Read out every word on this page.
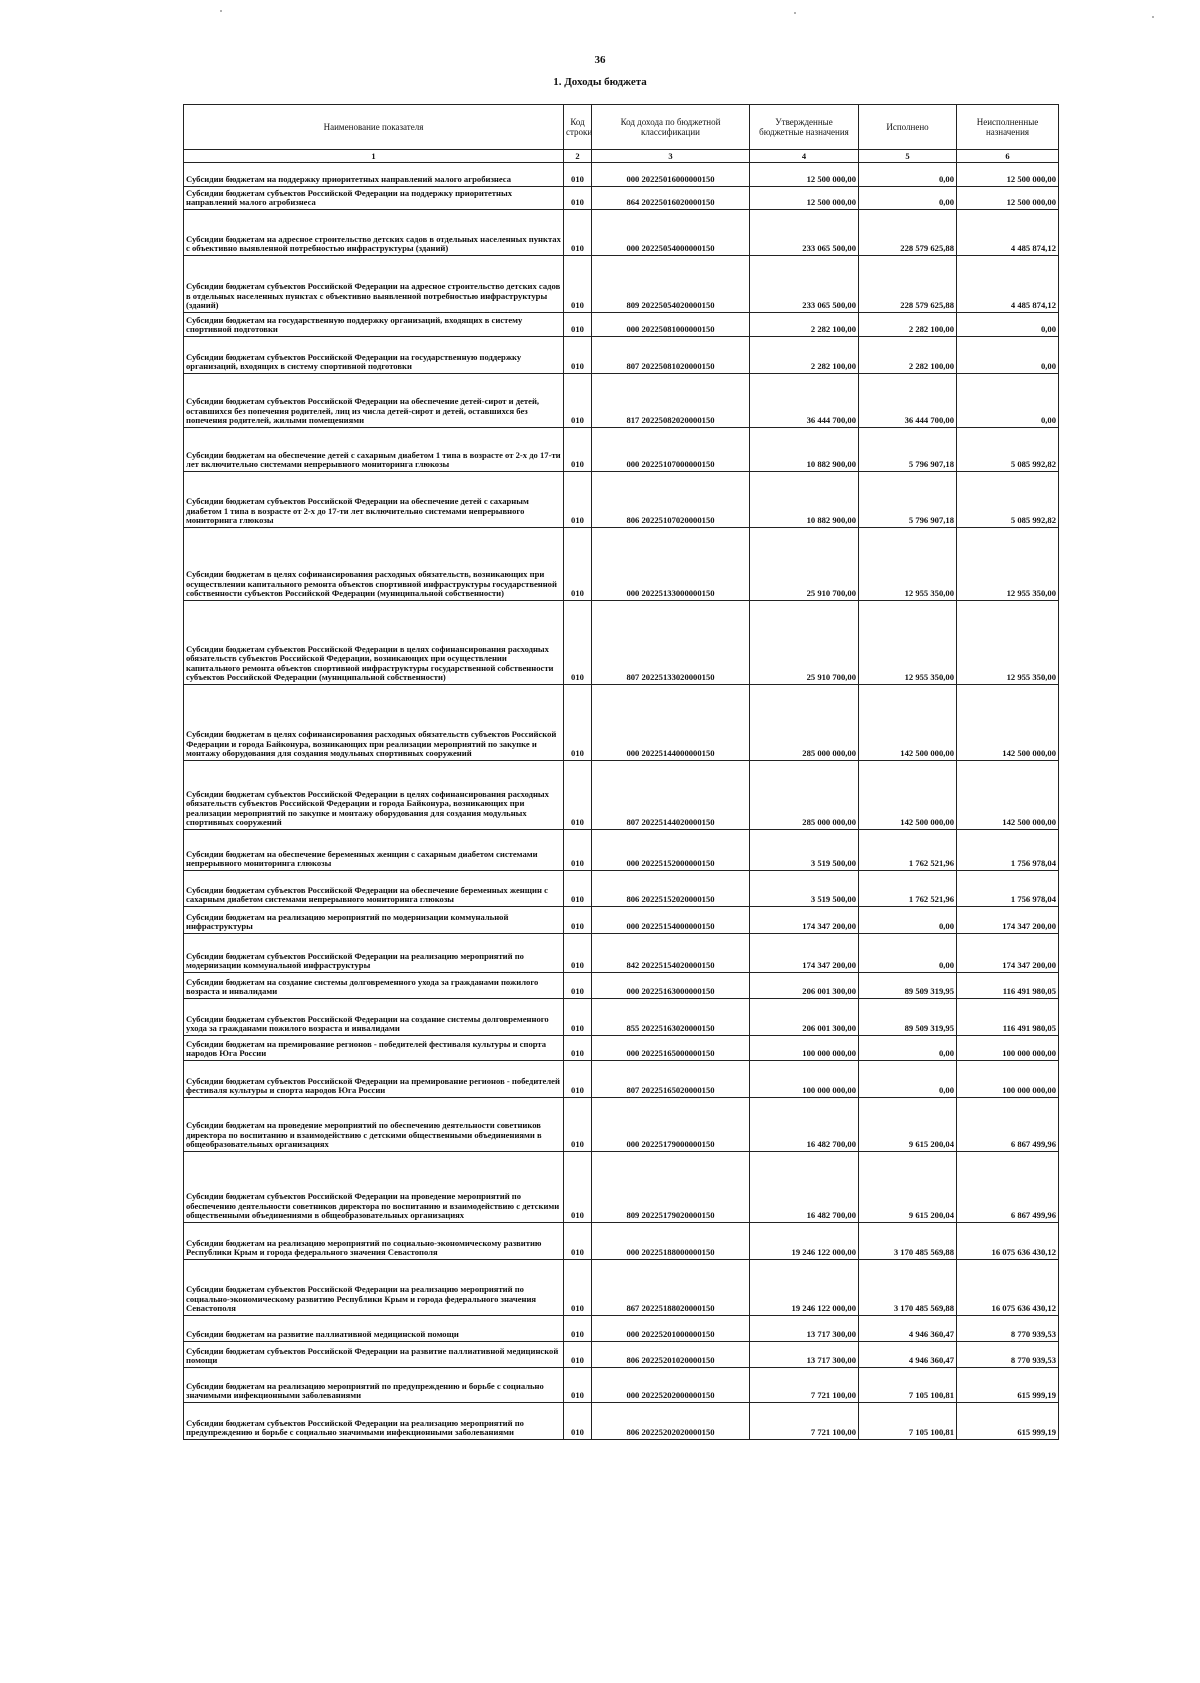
36
1. Доходы бюджета
Наименование показателя	Код строки	Код дохода по бюджетной классификации	Утвержденные бюджетные назначения	Исполнено	Неисполненные назначения
1	2	3	4	5	6
Субсидии бюджетам на поддержку приоритетных направлений малого агробизнеса	010	000 20225016000000150	12 500 000,00	0,00	12 500 000,00
Субсидии бюджетам субъектов Российской Федерации на поддержку приоритетных направлений малого агробизнеса	010	864 20225016020000150	12 500 000,00	0,00	12 500 000,00
Субсидии бюджетам на адресное строительство детских садов в отдельных населенных пунктах с объективно выявленной потребностью инфраструктуры (зданий)	010	000 20225054000000150	233 065 500,00	228 579 625,88	4 485 874,12
Субсидии бюджетам субъектов Российской Федерации на адресное строительство детских садов в отдельных населенных пунктах с объективно выявленной потребностью инфраструктуры (зданий)	010	809 20225054020000150	233 065 500,00	228 579 625,88	4 485 874,12
Субсидии бюджетам на государственную поддержку организаций, входящих в систему спортивной подготовки	010	000 20225081000000150	2 282 100,00	2 282 100,00	0,00
Субсидии бюджетам субъектов Российской Федерации на государственную поддержку организаций, входящих в систему спортивной подготовки	010	807 20225081020000150	2 282 100,00	2 282 100,00	0,00
Субсидии бюджетам субъектов Российской Федерации на обеспечение детей-сирот и детей, оставшихся без попечения родителей, лиц из числа детей-сирот и детей, оставшихся без попечения родителей, жилыми помещениями	010	817 20225082020000150	36 444 700,00	36 444 700,00	0,00
Субсидии бюджетам на обеспечение детей с сахарным диабетом 1 типа в возрасте от 2-х до 17-ти лет включительно системами непрерывного мониторинга глюкозы	010	000 20225107000000150	10 882 900,00	5 796 907,18	5 085 992,82
Субсидии бюджетам субъектов Российской Федерации на обеспечение детей с сахарным диабетом 1 типа в возрасте от 2-х до 17-ти лет включительно системами непрерывного мониторинга глюкозы	010	806 20225107020000150	10 882 900,00	5 796 907,18	5 085 992,82
Субсидии бюджетам в целях софинансирования расходных обязательств, возникающих при осуществлении капитального ремонта объектов спортивной инфраструктуры государственной собственности субъектов Российской Федерации (муниципальной собственности)	010	000 20225133000000150	25 910 700,00	12 955 350,00	12 955 350,00
Субсидии бюджетам субъектов Российской Федерации в целях софинансирования расходных обязательств субъектов Российской Федерации, возникающих при осуществлении капитального ремонта объектов спортивной инфраструктуры государственной собственности субъектов Российской Федерации (муниципальной собственности)	010	807 20225133020000150	25 910 700,00	12 955 350,00	12 955 350,00
Субсидии бюджетам в целях софинансирования расходных обязательств субъектов Российской Федерации и города Байконура, возникающих при реализации мероприятий по закупке и монтажу оборудования для создания модульных спортивных сооружений	010	000 20225144000000150	285 000 000,00	142 500 000,00	142 500 000,00
Субсидии бюджетам субъектов Российской Федерации в целях софинансирования расходных обязательств субъектов Российской Федерации и города Байконура, возникающих при реализации мероприятий по закупке и монтажу оборудования для создания модульных спортивных сооружений	010	807 20225144020000150	285 000 000,00	142 500 000,00	142 500 000,00
Субсидии бюджетам на обеспечение беременных женщин с сахарным диабетом системами непрерывного мониторинга глюкозы	010	000 20225152000000150	3 519 500,00	1 762 521,96	1 756 978,04
Субсидии бюджетам субъектов Российской Федерации на обеспечение беременных женщин с сахарным диабетом системами непрерывного мониторинга глюкозы	010	806 20225152020000150	3 519 500,00	1 762 521,96	1 756 978,04
Субсидии бюджетам на реализацию мероприятий по модернизации коммунальной инфраструктуры	010	000 20225154000000150	174 347 200,00	0,00	174 347 200,00
Субсидии бюджетам субъектов Российской Федерации на реализацию мероприятий по модернизации коммунальной инфраструктуры	010	842 20225154020000150	174 347 200,00	0,00	174 347 200,00
Субсидии бюджетам на создание системы долговременного ухода за гражданами пожилого возраста и инвалидами	010	000 20225163000000150	206 001 300,00	89 509 319,95	116 491 980,05
Субсидии бюджетам субъектов Российской Федерации на создание системы долговременного ухода за гражданами пожилого возраста и инвалидами	010	855 20225163020000150	206 001 300,00	89 509 319,95	116 491 980,05
Субсидии бюджетам на премирование регионов - победителей фестиваля культуры и спорта народов Юга России	010	000 20225165000000150	100 000 000,00	0,00	100 000 000,00
Субсидии бюджетам субъектов Российской Федерации на премирование регионов - победителей фестиваля культуры и спорта народов Юга России	010	807 20225165020000150	100 000 000,00	0,00	100 000 000,00
Субсидии бюджетам на проведение мероприятий по обеспечению деятельности советников директора по воспитанию и взаимодействию с детскими общественными объединениями в общеобразовательных организациях	010	000 20225179000000150	16 482 700,00	9 615 200,04	6 867 499,96
Субсидии бюджетам субъектов Российской Федерации на проведение мероприятий по обеспечению деятельности советников директора по воспитанию и взаимодействию с детскими общественными объединениями в общеобразовательных организациях	010	809 20225179020000150	16 482 700,00	9 615 200,04	6 867 499,96
Субсидии бюджетам на реализацию мероприятий по социально-экономическому развитию Республики Крым и города федерального значения Севастополя	010	000 20225188000000150	19 246 122 000,00	3 170 485 569,88	16 075 636 430,12
Субсидии бюджетам субъектов Российской Федерации на реализацию мероприятий по социально-экономическому развитию Республики Крым и города федерального значения Севастополя	010	867 20225188020000150	19 246 122 000,00	3 170 485 569,88	16 075 636 430,12
Субсидии бюджетам на развитие паллиативной медицинской помощи	010	000 20225201000000150	13 717 300,00	4 946 360,47	8 770 939,53
Субсидии бюджетам субъектов Российской Федерации на развитие паллиативной медицинской помощи	010	806 20225201020000150	13 717 300,00	4 946 360,47	8 770 939,53
Субсидии бюджетам на реализацию мероприятий по предупреждению и борьбе с социально значимыми инфекционными заболеваниями	010	000 20225202000000150	7 721 100,00	7 105 100,81	615 999,19
Субсидии бюджетам субъектов Российской Федерации на реализацию мероприятий по предупреждению и борьбе с социально значимыми инфекционными заболеваниями	010	806 20225202020000150	7 721 100,00	7 105 100,81	615 999,19
